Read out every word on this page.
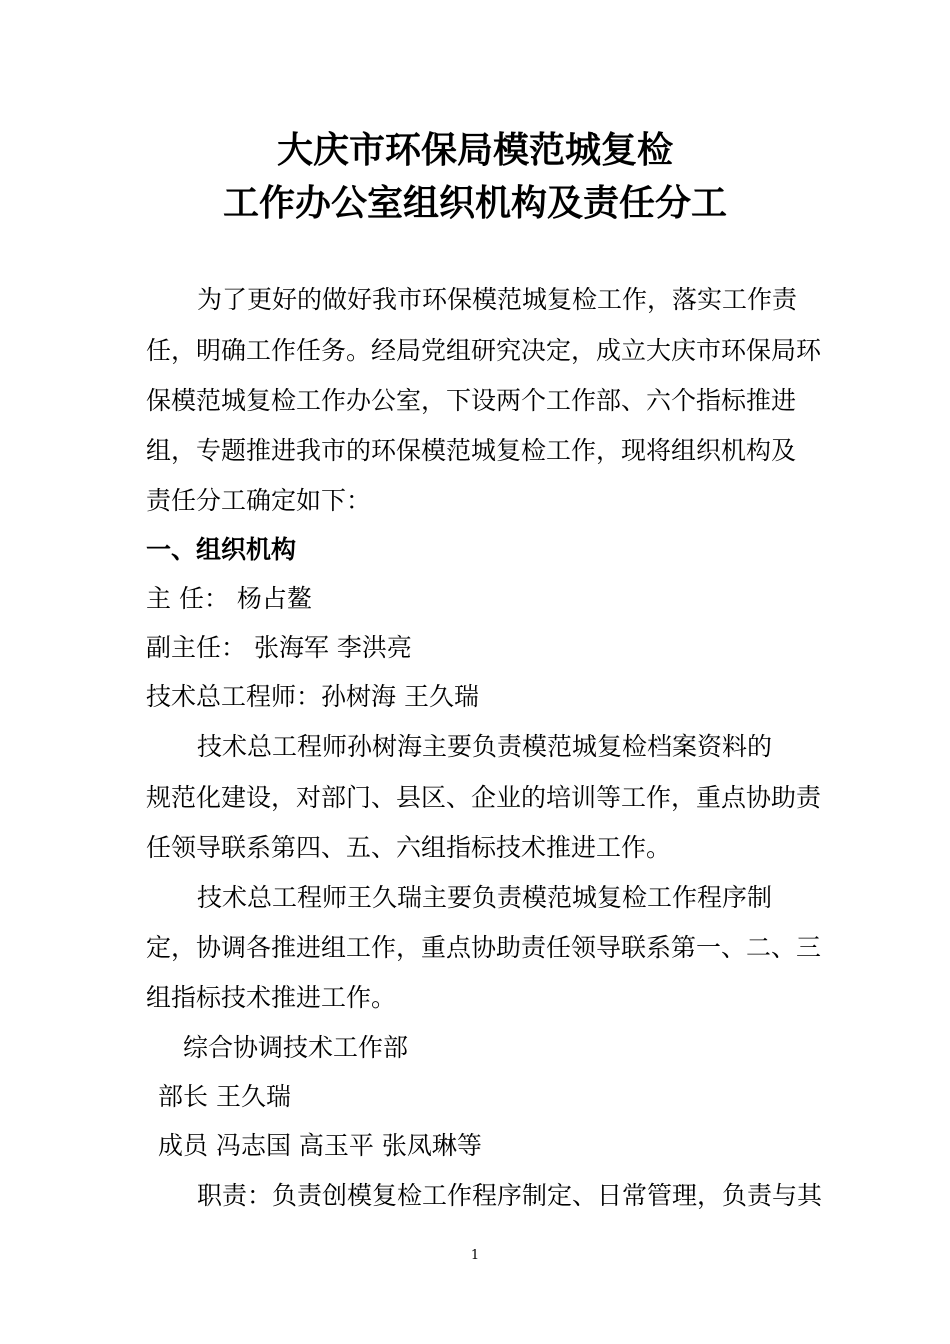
大庆市环保局模范城复检
工作办公室组织机构及责任分工
为了更好的做好我市环保模范城复检工作，落实工作责
任，明确工作任务。经局党组研究决定，成立大庆市环保局环
保模范城复检工作办公室，下设两个工作部、六个指标推进
组，专题推进我市的环保模范城复检工作，现将组织机构及
责任分工确定如下：
一、组织机构
主 任： 杨占鳌
副主任： 张海军 李洪亮
技术总工程师：孙树海 王久瑞
技术总工程师孙树海主要负责模范城复检档案资料的
规范化建设，对部门、县区、企业的培训等工作，重点协助责
任领导联系第四、五、六组指标技术推进工作。
技术总工程师王久瑞主要负责模范城复检工作程序制
定，协调各推进组工作，重点协助责任领导联系第一、二、三
组指标技术推进工作。
综合协调技术工作部
部长 王久瑞
成员 冯志国 高玉平 张凤琳等
职责：负责创模复检工作程序制定、日常管理，负责与其
1
